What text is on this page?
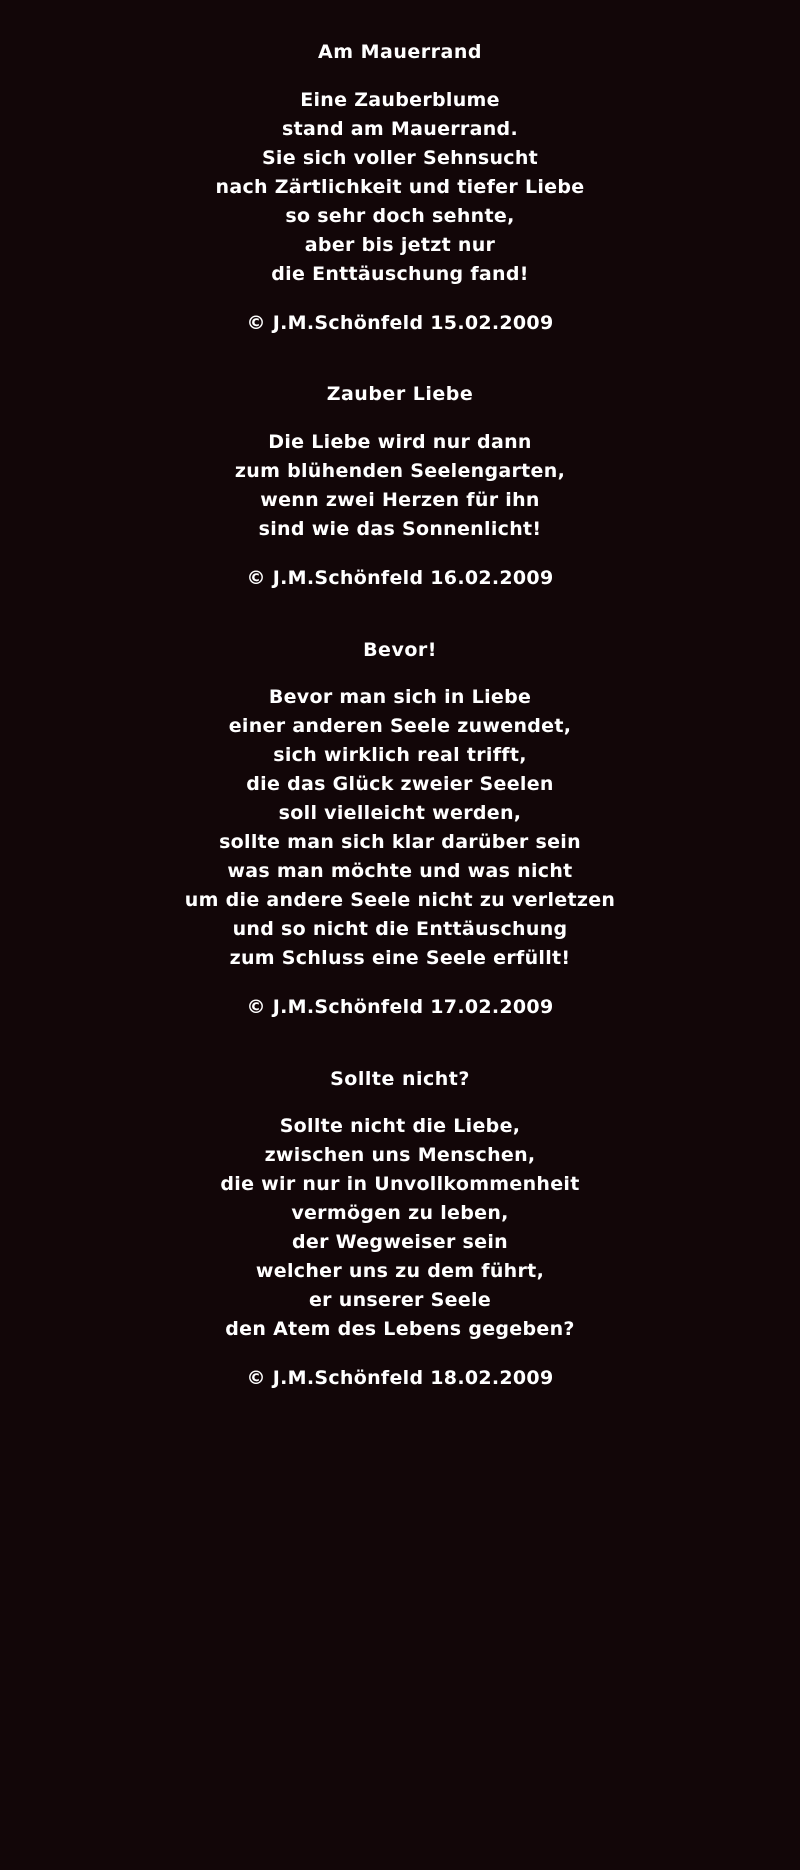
Am Mauerrand
Eine Zauberblume
stand am Mauerrand.
Sie sich voller Sehnsucht
nach Zärtlichkeit und tiefer Liebe
so sehr doch sehnte,
aber bis jetzt nur
die Enttäuschung fand!
© J.M.Schönfeld 15.02.2009
Zauber Liebe
Die Liebe wird nur dann
zum blühenden Seelengarten,
wenn zwei Herzen für ihn
sind wie das Sonnenlicht!
© J.M.Schönfeld 16.02.2009
Bevor!
Bevor man sich in Liebe
einer anderen Seele zuwendet,
sich wirklich real trifft,
die das Glück zweier Seelen
soll vielleicht werden,
sollte man sich klar darüber sein
was man möchte und was nicht
um die andere Seele nicht zu verletzen
und so nicht die Enttäuschung
zum Schluss eine Seele erfüllt!
© J.M.Schönfeld 17.02.2009
Sollte nicht?
Sollte nicht die Liebe,
zwischen uns Menschen,
die wir nur in Unvollkommenheit
vermögen zu leben,
der Wegweiser sein
welcher uns zu dem führt,
er unserer Seele
den Atem des Lebens gegeben?
© J.M.Schönfeld 18.02.2009
